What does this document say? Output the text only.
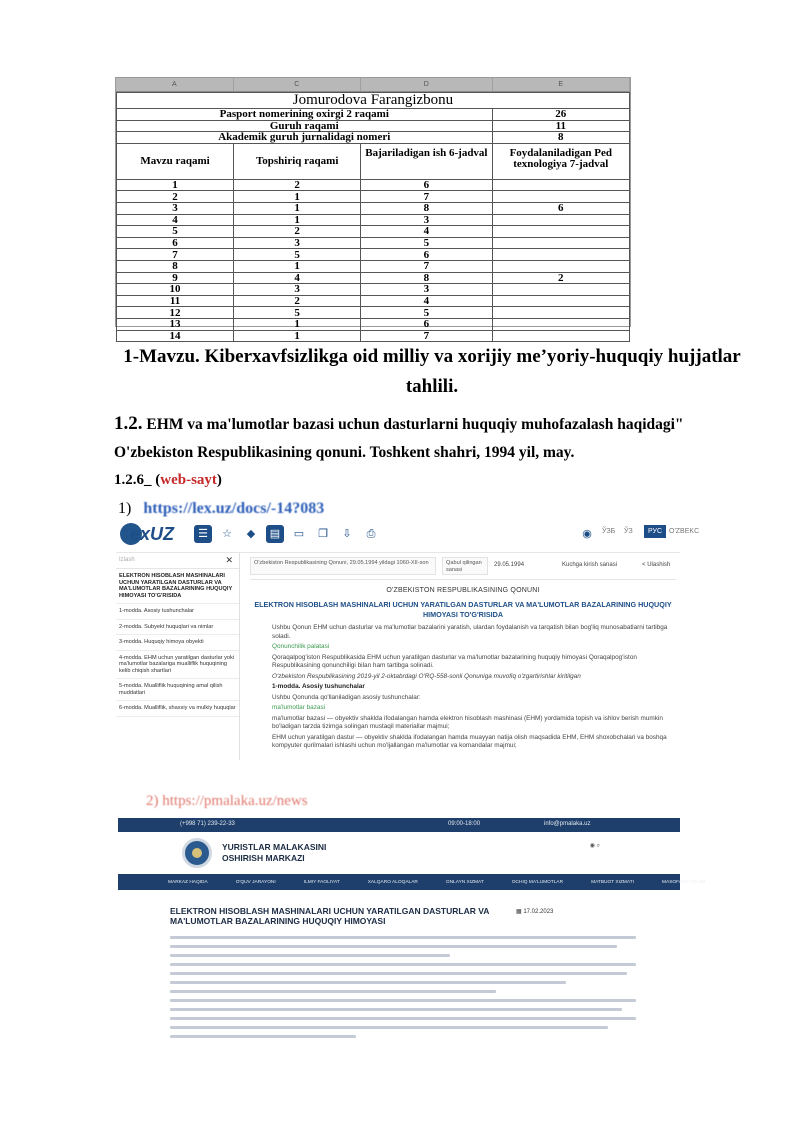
A	C	D	E
Jomurodova Farangizbonu			
Pasport nomerining oxirgi 2 raqami			26
Guruh raqami			11
Akademik guruh jurnalidagi nomeri			8
Mavzu raqami	Topshiriq raqami	Bajariladigan ish 6-jadval	Foydalaniladigan Ped texnologiya 7-jadval
1	2	6	
2	1	7	
3	1	8	6
4	1	3	
5	2	4	
6	3	5	
7	5	6	
8	1	7	
9	4	8	2
10	3	3	
11	2	4	
12	5	5	
13	1	6	
14	1	7	
1-Mavzu. Kiberxavfsizlikga oid milliy va xorijiy me’yoriy-huquqiy hujjatlar tahlili.
1.2. EHM va ma'lumotlar bazasi uchun dasturlarni huquqiy muhofazalash haqidagi"
O'zbekiston Respublikasining qonuni. Toshkent shahri, 1994 yil, may.
1.2.6_ (web-sayt)
1) https://lex.uz/docs/-14?083
exUZ	☰	☆	◆	▤	▭	❐	⇩	⎙	◉	ЎЗБ ЎЗ	РУС O'ZBEKC
Izlash	✕
ELEKTRON HISOBLASH MASHINALARI UCHUN YARATILGAN DASTURLAR VA MA'LUMOTLAR BAZALARINING HUQUQIY HIMOYASI TO'G'RISIDA
1-modda. Asosiy tushunchalar
2-modda. Subyekt huquqlari va nimlar
3-modda. Huquqiy himoya obyekti
4-modda. EHM uchun yaratilgan dasturlar yoki ma'lumotlar bazalariga mualliflik huquqining kelib chiqish shartlari
5-modda. Mualliflik huquqining amal qilish muddatlari
6-modda. Mualliflik, shaxsiy va mulkiy huquqlar
O'zbekiston Respublikasining Qonuni, 29.05.1994 yildagi 1060-XII-son	Qabul qilingan sanasi
29.05.1994	Kuchga kirish sanasi	< Ulashish
O'ZBEKISTON RESPUBLIKASINING QONUNI
ELEKTRON HISOBLASH MASHINALARI UCHUN YARATILGAN DASTURLAR VA MA'LUMOTLAR BAZALARINING HUQUQIY HIMOYASI TO'G'RISIDA
Ushbu Qonun EHM uchun dasturlar va ma'lumotlar bazalarini yaratish, ulardan foydalanish va tarqatish bilan bog'liq munosabatlarni tartibga soladi.
Qonunchilik palatasi
Qoraqalpog'iston Respublikasida EHM uchun yaratilgan dasturlar va ma'lumotlar bazalarining huquqiy himoyasi Qoraqalpog'iston Respublikasining qonunchiligi bilan ham tartibga solinadi.
O'zbekiston Respublikasining 2019-yil 2-oktabrdagi O'RQ-558-sonli Qonuniga muvofiq o'zgartirishlar kiritilgan
1-modda. Asosiy tushunchalar
Ushbu Qonunda qo'llaniladigan asosiy tushunchalar:
ma'lumotlar bazasi
ma'lumotlar bazasi — obyektiv shaklda ifodalangan hamda elektron hisoblash mashinasi (EHM) yordamida topish va ishlov berish mumkin bo'ladigan tarzda tizimga solingan mustaqil materiallar majmui;
EHM uchun yaratilgan dastur — obyektiv shaklda ifodalangan hamda muayyan natija olish maqsadida EHM, EHM shoxobchalari va boshqa kompyuter qurilmalari ishlashi uchun mo'ljallangan ma'lumotlar va komandalar majmui;
2) https://pmalaka.uz/news
(+998 71) 239-22-33	09:00-18:00	info@pmalaka.uz
YURISTLAR MALAKASINI
OSHIRISH MARKAZI
◉ ⌕
MARKAZ HAQIDA	O'QUV JARAYONI	ILMIY FAOLIYAT	XALQARO ALOQALAR	ONLAYN XIZMAT	OCHIQ MA'LUMOTLAR	MATBUOT XIZMATI	MASOFAVIY TA'LIM
ELEKTRON HISOBLASH MASHINALARI UCHUN YARATILGAN DASTURLAR VA MA'LUMOTLAR BAZALARINING HUQUQIY HIMOYASI
▦ 17.02.2023
